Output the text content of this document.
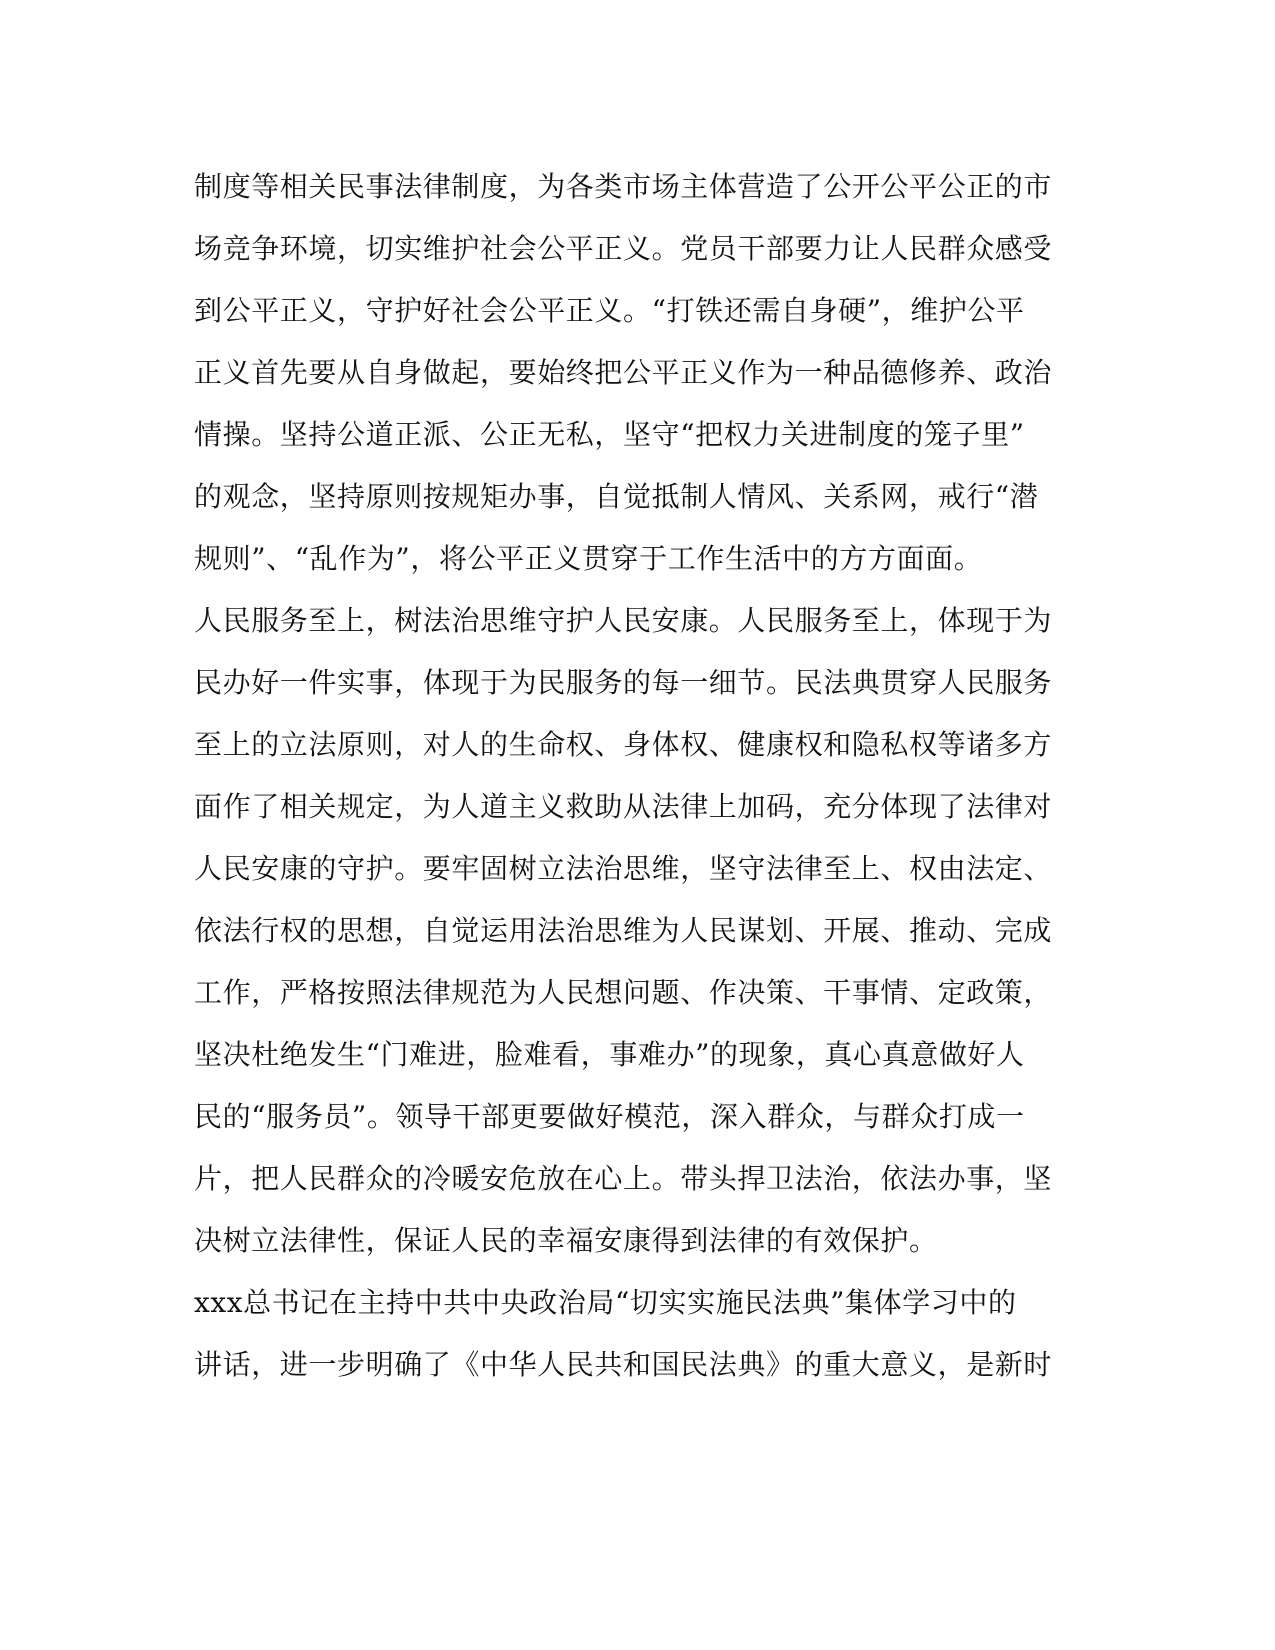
制度等相关民事法律制度，为各类市场主体营造了公开公平公正的市
场竞争环境，切实维护社会公平正义。党员干部要力让人民群众感受
到公平正义，守护好社会公平正义。“打铁还需自身硬”，维护公平
正义首先要从自身做起，要始终把公平正义作为一种品德修养、政治
情操。坚持公道正派、公正无私，坚守“把权力关进制度的笼子里”
的观念，坚持原则按规矩办事，自觉抵制人情风、关系网，戒行“潜
规则”、“乱作为”，将公平正义贯穿于工作生活中的方方面面。
人民服务至上，树法治思维守护人民安康。人民服务至上，体现于为
民办好一件实事，体现于为民服务的每一细节。民法典贯穿人民服务
至上的立法原则，对人的生命权、身体权、健康权和隐私权等诸多方
面作了相关规定，为人道主义救助从法律上加码，充分体现了法律对
人民安康的守护。要牢固树立法治思维，坚守法律至上、权由法定、
依法行权的思想，自觉运用法治思维为人民谋划、开展、推动、完成
工作，严格按照法律规范为人民想问题、作决策、干事情、定政策，
坚决杜绝发生“门难进，脸难看，事难办”的现象，真心真意做好人
民的“服务员”。领导干部更要做好模范，深入群众，与群众打成一
片，把人民群众的冷暖安危放在心上。带头捍卫法治，依法办事，坚
决树立法律性，保证人民的幸福安康得到法律的有效保护。
xxx总书记在主持中共中央政治局“切实实施民法典”集体学习中的
讲话，进一步明确了《中华人民共和国民法典》的重大意义，是新时
